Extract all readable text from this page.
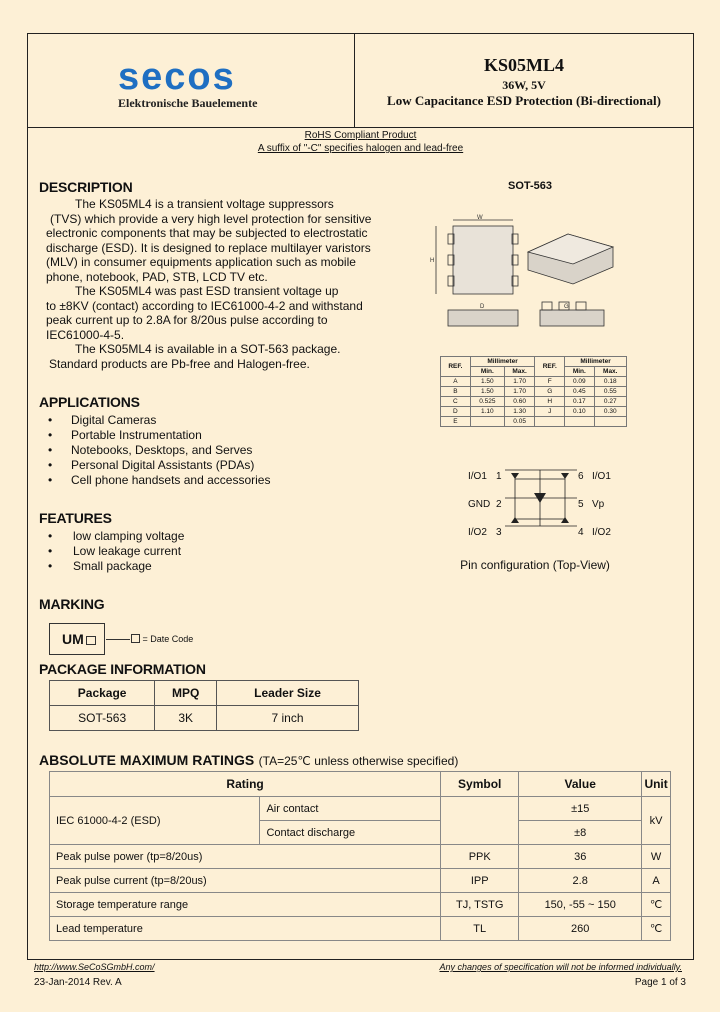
secos
Elektronische Bauelemente
KS05ML4
36W, 5V
Low Capacitance ESD Protection (Bi-directional)
RoHS Compliant Product
A suffix of "-C" specifies halogen and lead-free
DESCRIPTION
The KS05ML4 is a transient voltage suppressors
(TVS) which provide a very high level protection for sensitive
electronic components that may be subjected to electrostatic
discharge (ESD). It is designed to replace multilayer varistors
(MLV) in consumer equipments application such as mobile
phone, notebook, PAD, STB, LCD TV etc.
The KS05ML4 was past ESD transient voltage up
to ±8KV (contact) according to IEC61000-4-2 and withstand
peak current up to 2.8A for 8/20us pulse according to
IEC61000-4-5.
The KS05ML4 is available in a SOT-563 package.
Standard products are Pb-free and Halogen-free.
SOT-563
W
H
D	G
REF.	Millimeter		REF.	Millimeter	
	Min.	Max.		Min.	Max.
A	1.50	1.70	F	0.09	0.18
B	1.50	1.70	G	0.45	0.55
C	0.525	0.60	H	0.17	0.27
D	1.10	1.30	J	0.10	0.30
E		0.05			
I/O1
GND
I/O2
1
2
3
6
5
4
I/O1
Vp
I/O2
Pin configuration (Top-View)
APPLICATIONS
• Digital Cameras
• Portable Instrumentation
• Notebooks, Desktops, and Serves
• Personal Digital Assistants (PDAs)
• Cell phone handsets and accessories
FEATURES
• low clamping voltage
• Low leakage current
• Small package
MARKING
UM	= Date Code
PACKAGE INFORMATION
Package	MPQ	Leader Size
SOT-563	3K	7 inch
ABSOLUTE MAXIMUM RATINGS (TA=25℃ unless otherwise specified)
Rating		Symbol	Value	Unit
IEC 61000-4-2 (ESD)	Air contact		±15	kV
	Contact discharge		±8	
Peak pulse power (tp=8/20us)		PPK	36	W
Peak pulse current (tp=8/20us)		IPP	2.8	A
Storage temperature range		TJ, TSTG	150, -55 ~ 150	℃
Lead temperature		TL	260	℃
http://www.SeCoSGmbH.com/	Any changes of specification will not be informed individually.
23-Jan-2014 Rev. A	Page 1 of 3
